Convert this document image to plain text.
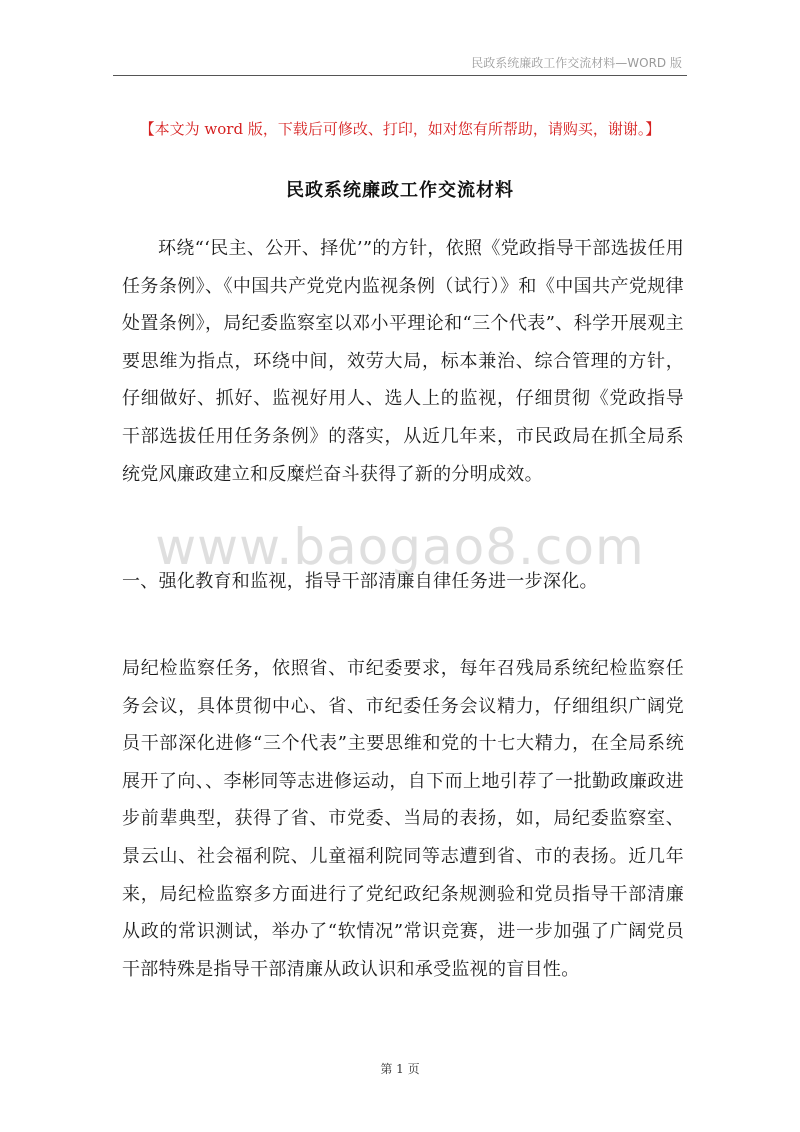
民政系统廉政工作交流材料—WORD 版
【本文为 word 版，下载后可修改、打印，如对您有所帮助，请购买，谢谢。】
民政系统廉政工作交流材料
环绕“‘民主、公开、择优’”的方针，依照《党政指导干部选拔任用任务条例》、《中国共产党党内监视条例（试行）》和《中国共产党规律处置条例》，局纪委监察室以邓小平理论和“三个代表”、科学开展观主要思维为指点，环绕中间，效劳大局，标本兼治、综合管理的方针，仔细做好、抓好、监视好用人、选人上的监视，仔细贯彻《党政指导干部选拔任用任务条例》的落实，从近几年来，市民政局在抓全局系统党风廉政建立和反糜烂奋斗获得了新的分明成效。
www.baogao8.com
一、强化教育和监视，指导干部清廉自律任务进一步深化。
局纪检监察任务，依照省、市纪委要求，每年召残局系统纪检监察任务会议，具体贯彻中心、省、市纪委任务会议精力，仔细组织广阔党员干部深化进修“三个代表”主要思维和党的十七大精力，在全局系统展开了向、、李彬同等志进修运动，自下而上地引荐了一批勤政廉政进步前辈典型，获得了省、市党委、当局的表扬，如，局纪委监察室、景云山、社会福利院、儿童福利院同等志遭到省、市的表扬。近几年来，局纪检监察多方面进行了党纪政纪条规测验和党员指导干部清廉从政的常识测试，举办了“软情况”常识竞赛，进一步加强了广阔党员干部特殊是指导干部清廉从政认识和承受监视的盲目性。
第 1 页
